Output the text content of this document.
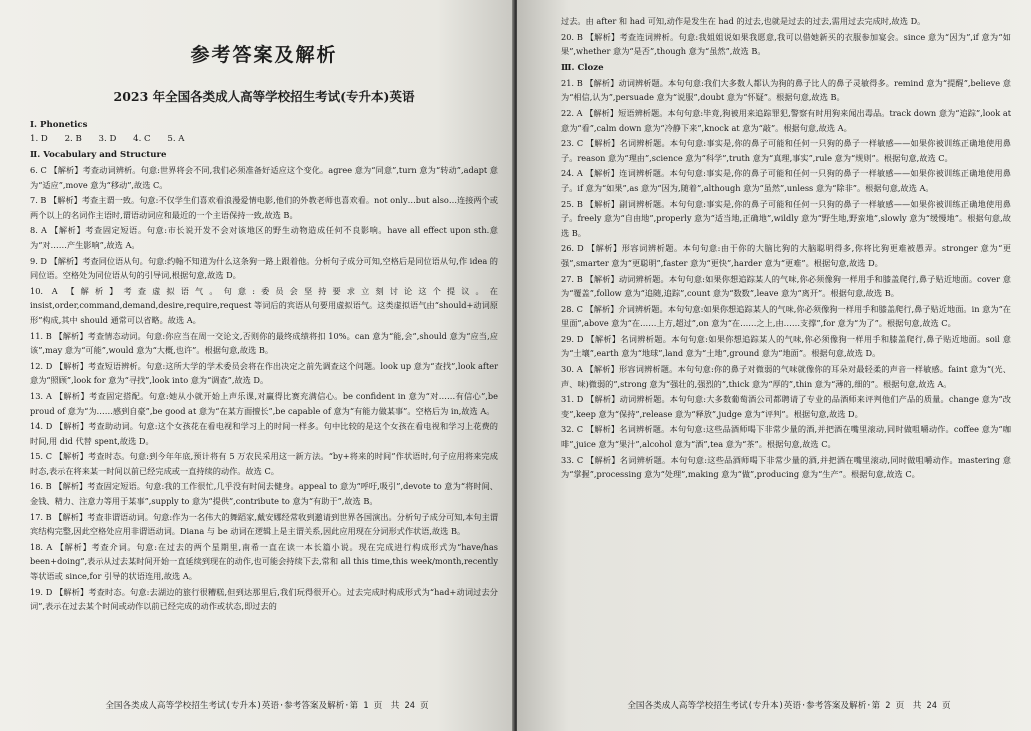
参考答案及解析
2023 年全国各类成人高等学校招生考试(专升本)英语
Ⅰ. Phonetics
1. D 2. B 3. D 4. C 5. A
Ⅱ. Vocabulary and Structure

6. C 【解析】考查动词辨析。句意:世界将会不同,我们必须准备好适应这个变化。agree 意为“同意”,turn 意为“转动”,adapt 意为“适应”,move 意为“移动”,故选 C。

7. B 【解析】考查主谓一致。句意:不仅学生们喜欢看浪漫爱情电影,他们的外教老师也喜欢看。not only…but also…连接两个或两个以上的名词作主语时,谓语动词应和最近的一个主语保持一致,故选 B。

8. A 【解析】考查固定短语。句意:市长说开发不会对该地区的野生动物造成任何不良影响。have all effect upon sth.意为“对……产生影响”,故选 A。

9. D 【解析】考查同位语从句。句意:约翰不知道为什么这条狗一路上跟着他。分析句子成分可知,空格后是同位语从句,作 idea 的同位语。空格处为同位语从句的引导词,根据句意,故选 D。

10. A 【解析】考查虚拟语气。句意:委员会坚持要求立刻讨论这个提议。在 insist,order,command,demand,desire,require,request 等词后的宾语从句要用虚拟语气。这类虚拟语气由“should+动词原形”构成,其中 should 通常可以省略。故选 A。

11. B 【解析】考查情态动词。句意:你应当在周一交论文,否则你的最终成绩将扣 10%。can 意为“能,会”,should 意为“应当,应该”,may 意为“可能”,would 意为“大概,也许”。根据句意,故选 B。

12. D 【解析】考查短语辨析。句意:这所大学的学术委员会将在作出决定之前先调查这个问题。look up 意为“查找”,look after 意为“照顾”,look for 意为“寻找”,look into 意为“调查”,故选 D。

13. A 【解析】考查固定搭配。句意:她从小就开始上声乐课,对赢得比赛充满信心。be confident in 意为“对……有信心”,be proud of 意为“为……感到自豪”,be good at 意为“在某方面擅长”,be capable of 意为“有能力做某事”。空格后为 in,故选 A。

14. D 【解析】考查助动词。句意:这个女孩花在看电视和学习上的时间一样多。句中比较的是这个女孩在看电视和学习上花费的时间,用 did 代替 spent,故选 D。

15. C 【解析】考查时态。句意:到今年年底,预计将有 5 万农民采用这一新方法。“by+将来的时间”作状语时,句子应用将来完成时态,表示在将来某一时间以前已经完成或一直持续的动作。故选 C。

16. B 【解析】考查固定短语。句意:我的工作很忙,几乎没有时间去健身。appeal to 意为“呼吁,吸引”,devote to 意为“将时间、金钱、精力、注意力等用于某事”,supply to 意为“提供”,contribute to 意为“有助于”,故选 B。

17. B 【解析】考查非谓语动词。句意:作为一名伟大的舞蹈家,戴安娜经常收到邀请到世界各国演出。分析句子成分可知,本句主谓宾结构完整,因此空格处应用非谓语动词。Diana 与 be 动词在逻辑上是主谓关系,因此应用现在分词形式作状语,故选 B。

18. A 【解析】考查介词。句意:在过去的两个星期里,南希一直在读一本长篇小说。现在完成进行构成形式为“have/has been+doing”,表示从过去某时间开始一直延续到现在的动作,也可能会持续下去,常和 all this time,this week/month,recently 等状语或 since,for 引导的状语连用,故选 A。

19. D 【解析】考查时态。句意:去湖边的旅行很糟糕,但到达那里后,我们玩得很开心。过去完成时构成形式为“had+动词过去分词”,表示在过去某个时间或动作以前已经完成的动作或状态,即过去的

全国各类成人高等学校招生考试(专升本)英语·参考答案及解析·第 1 页　共 24 页

过去。由 after 和 had 可知,动作是发生在 had 的过去,也就是过去的过去,需用过去完成时,故选 D。

20. B 【解析】考查连词辨析。句意:我姐姐说如果我愿意,我可以借她新买的衣服参加宴会。since 意为“因为”,if 意为“如果”,whether 意为“是否”,though 意为“虽然”,故选 B。

Ⅲ. Cloze

21. B 【解析】动词辨析题。本句句意:我们大多数人都认为狗的鼻子比人的鼻子灵敏得多。remind 意为“提醒”,believe 意为“相信,认为”,persuade 意为“说服”,doubt 意为“怀疑”。根据句意,故选 B。

22. A 【解析】短语辨析题。本句句意:毕竟,狗被用来追踪罪犯,警察有时用狗来闻出毒品。track down 意为“追踪”,look at 意为“看”,calm down 意为“冷静下来”,knock at 意为“敲”。根据句意,故选 A。

23. C 【解析】名词辨析题。本句句意:事实是,你的鼻子可能和任何一只狗的鼻子一样敏感——如果你被训练正确地使用鼻子。reason 意为“理由”,science 意为“科学”,truth 意为“真理,事实”,rule 意为“规则”。根据句意,故选 C。

24. A 【解析】连词辨析题。本句句意:事实是,你的鼻子可能和任何一只狗的鼻子一样敏感——如果你被训练正确地使用鼻子。if 意为“如果”,as 意为“因为,随着”,although 意为“虽然”,unless 意为“除非”。根据句意,故选 A。

25. B 【解析】副词辨析题。本句句意:事实是,你的鼻子可能和任何一只狗的鼻子一样敏感——如果你被训练正确地使用鼻子。freely 意为“自由地”,properly 意为“适当地,正确地”,wildly 意为“野生地,野蛮地”,slowly 意为“缓慢地”。根据句意,故选 B。

26. D 【解析】形容词辨析题。本句句意:由于你的大脑比狗的大脑聪明得多,你将比狗更难被愚弄。stronger 意为“更强”,smarter 意为“更聪明”,faster 意为“更快”,harder 意为“更难”。根据句意,故选 D。

27. B 【解析】动词辨析题。本句句意:如果你想追踪某人的气味,你必须像狗一样用手和膝盖爬行,鼻子贴近地面。cover 意为“覆盖”,follow 意为“追随,追踪”,count 意为“数数”,leave 意为“离开”。根据句意,故选 B。

28. C 【解析】介词辨析题。本句句意:如果你想追踪某人的气味,你必须像狗一样用手和膝盖爬行,鼻子贴近地面。in 意为“在里面”,above 意为“在……上方,超过”,on 意为“在……之上,由……支撑”,for 意为“为了”。根据句意,故选 C。

29. D 【解析】名词辨析题。本句句意:如果你想追踪某人的气味,你必须像狗一样用手和膝盖爬行,鼻子贴近地面。soil 意为“土壤”,earth 意为“地球”,land 意为“土地”,ground 意为“地面”。根据句意,故选 D。

30. A 【解析】形容词辨析题。本句句意:你的鼻子对微弱的气味就像你的耳朵对最轻柔的声音一样敏感。faint 意为“(光、声、味)微弱的”,strong 意为“强壮的,强烈的”,thick 意为“厚的”,thin 意为“薄的,细的”。根据句意,故选 A。

31. D 【解析】动词辨析题。本句句意:大多数葡萄酒公司都聘请了专业的品酒师来评判他们产品的质量。change 意为“改变”,keep 意为“保持”,release 意为“释放”,judge 意为“评判”。根据句意,故选 D。

32. C 【解析】名词辨析题。本句句意:这些品酒师喝下非常少量的酒,并把酒在嘴里滚动,同时做咀嚼动作。coffee 意为“咖啡”,juice 意为“果汁”,alcohol 意为“酒”,tea 意为“茶”。根据句意,故选 C。

33. C 【解析】名词辨析题。本句句意:这些品酒师喝下非常少量的酒,并把酒在嘴里滚动,同时做咀嚼动作。mastering 意为“掌握”,processing 意为“处理”,making 意为“做”,producing 意为“生产”。根据句意,故选 C。

全国各类成人高等学校招生考试(专升本)英语·参考答案及解析·第 2 页　共 24 页
